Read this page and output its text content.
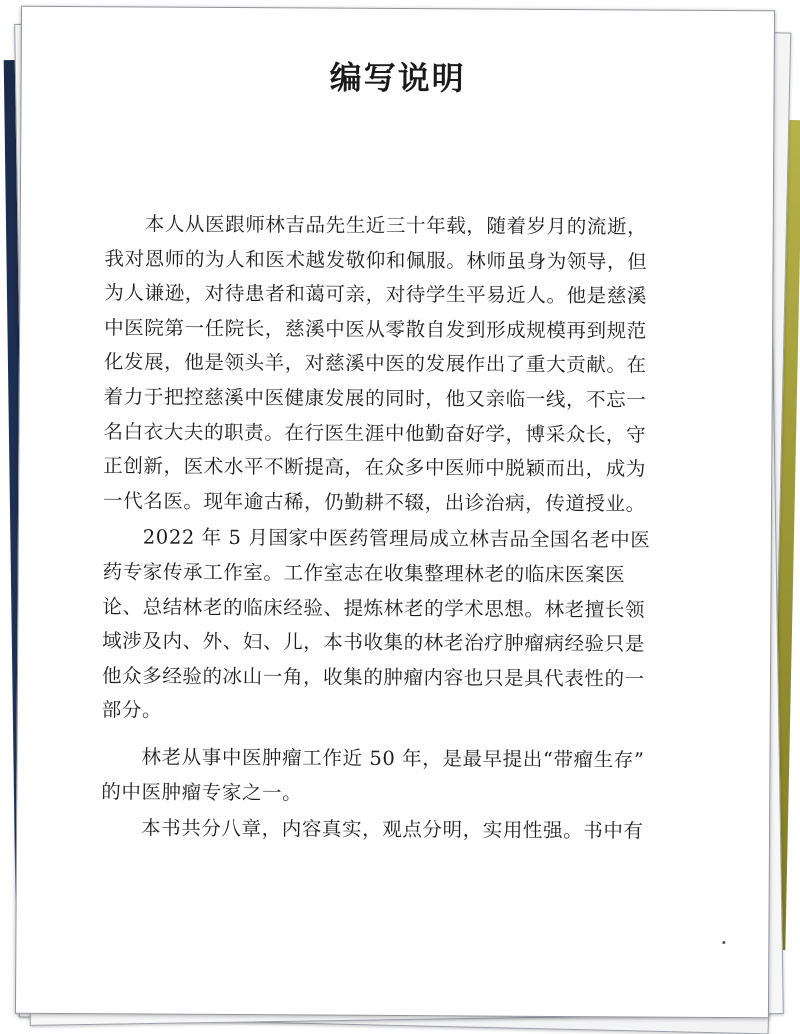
编写说明
本人从医跟师林吉品先生近三十年载，随着岁月的流逝，
我对恩师的为人和医术越发敬仰和佩服。林师虽身为领导，但
为人谦逊，对待患者和蔼可亲，对待学生平易近人。他是慈溪
中医院第一任院长，慈溪中医从零散自发到形成规模再到规范
化发展，他是领头羊，对慈溪中医的发展作出了重大贡献。在
着力于把控慈溪中医健康发展的同时，他又亲临一线，不忘一
名白衣大夫的职责。在行医生涯中他勤奋好学，博采众长，守
正创新，医术水平不断提高，在众多中医师中脱颖而出，成为
一代名医。现年逾古稀，仍勤耕不辍，出诊治病，传道授业。
2022 年 5 月国家中医药管理局成立林吉品全国名老中医
药专家传承工作室。工作室志在收集整理林老的临床医案医
论、总结林老的临床经验、提炼林老的学术思想。林老擅长领
域涉及内、外、妇、儿，本书收集的林老治疗肿瘤病经验只是
他众多经验的冰山一角，收集的肿瘤内容也只是具代表性的一
部分。
林老从事中医肿瘤工作近 50 年，是最早提出“带瘤生存”
的中医肿瘤专家之一。
本书共分八章，内容真实，观点分明，实用性强。书中有
